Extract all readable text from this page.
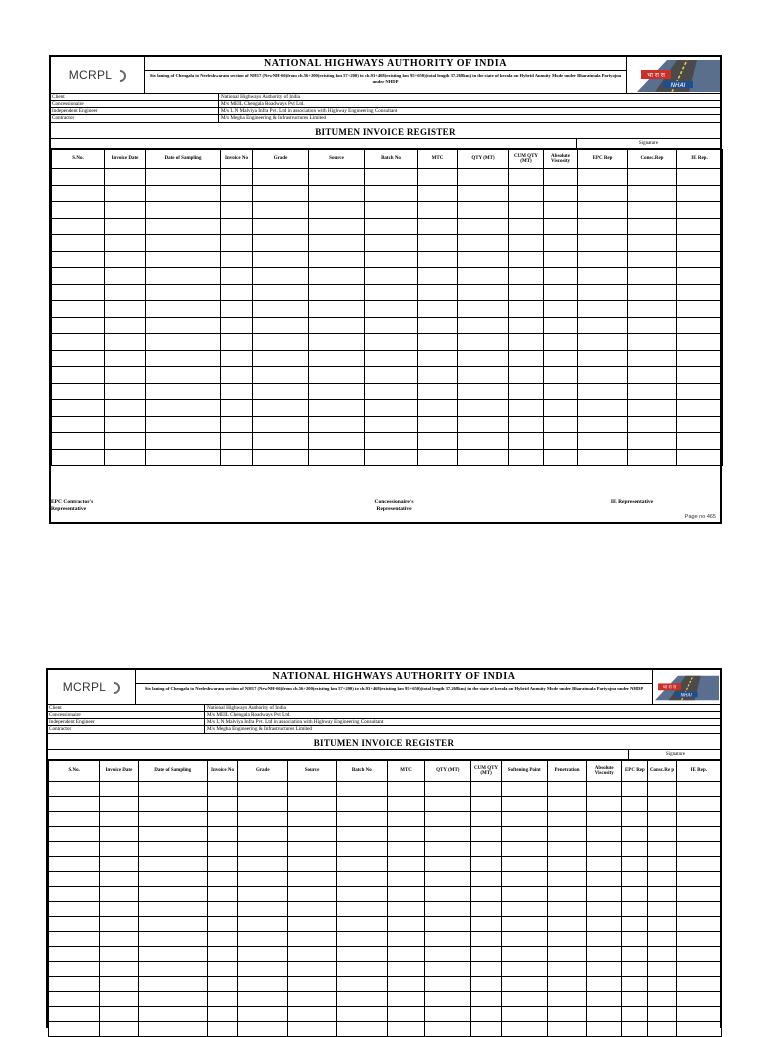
MCRPL
NATIONAL HIGHWAYS AUTHORITY OF INDIA
Six laning of Chengala to Neeleshwaram section of NH17 (NewNH-66)from ch.56+200(existing km 57+200) to ch.93+468(existing km 95+650)(total length 37.268km) in the state of kerala on Hybrid Annuity Mode under Bharatmala Pariyojna under NHDP
भा रा रा
NHAI
Client	National Highways Authority of India
Concessionaire	M/s MEIL Chengala Roadways Pvt Ltd.
Independent Engineer	M/s L N Malviya Infra Pvt. Ltd in association with Highway Engineering Consultant
Contractor	M/s Megha Engineering & Infrastructures Limited
BITUMEN INVOICE REGISTER
Signature
S.No.	Invoice Date	Date of Sampling	Invoice No	Grade	Source	Batch No	MTC	QTY (MT)	CUM QTY (MT)	Absolute Viscosity	EPC Rep	Consc.Rep	IE Rep.

EPC Contractor's Representative
Concessionaire's Representative
IE Representative
Page no 465
MCRPL
NATIONAL HIGHWAYS AUTHORITY OF INDIA
Six laning of Chengala to Neeleshwaram section of NH17 (NewNH-66)from ch.56+200(existing km 57+200) to ch.93+468(existing km 95+650)(total length 37.268km) in the state of kerala on Hybrid Annuity Mode under Bharatmala Pariyojna under NHDP	भा रा रा
NHAI
Client	National Highways Authority of India
Concessionaire	M/s MEIL Chengala Roadways Pvt Ltd.
Independent Engineer	M/s L N Malviya Infra Pvt. Ltd in association with Highway Engineering Consultant
Contractor	M/s Megha Engineering & Infrastructures Limited
BITUMEN INVOICE REGISTER
Signature
S.No.	Invoice Date	Date of Sampling	Invoice No	Grade	Source	Batch No	MTC	QTY (MT)	CUM QTY (MT)	Softening Point	Penetration	Absolute Viscosity	EPC Rep	Consc.Re p	IE Rep.
